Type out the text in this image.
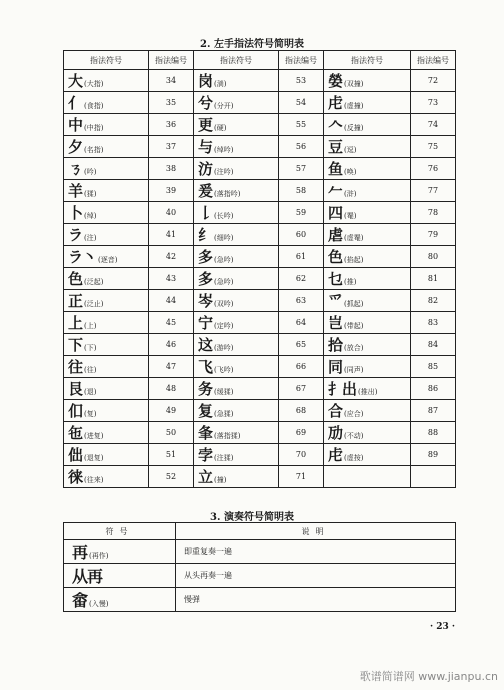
2. 左手指法符号简明表
指法符号	指法编号	指法符号	指法编号	指法符号	指法编号
大 (大指)	34	岗 (淌)	53	嫈 (双撞)	72
亻 (食指)	35	兮 (分开)	54	虍 (虚撞)	73
中 (中指)	36	更 (硬)	55	𠆢 (反撞)	74
夕 (名指)	37	与 (绰吟)	56	豆 (逗)	75
ㄋ (吟)	38	汸 (注吟)	57	鱼 (唤)	76
羊 (猱)	39	爰 (落指吟)	58	𠂉 (浒)	77
卜 (绰)	40	𠄌 (长吟)	59	四 (罨)	78
ラ (注)	41	纟 (细吟)	60	虐 (虚罨)	79
ラ丶 (逐音)	42	多 (急吟)	61	色 (掐起)	80
色 (泛起)	43	多 (急吟)	62	乜 (推)	81
正 (泛止)	44	岑 (双吟)	63	爫 (抓起)	82
上 (上)	45	宁 (定吟)	64	岂 (带起)	83
下 (下)	46	这 (游吟)	65	拾 (放合)	84
往 (往)	47	飞 (飞吟)	66	同 (同声)	85
艮 (退)	48	务 (缓猱)	67	扌出 (推出)	86
㐰 (复)	49	复 (急猱)	68	合 (应合)	87
㐌 (进复)	50	夆 (落指猱)	69	劢 (不动)	88
㑁 (退复)	51	孛 (注猱)	70	虍 (虚按)	89
徕 (往来)	52	立 (撞)	71		
3. 演奏符号简明表
符号	说明
再 (再作)	即重复奏一遍
从再	从头再奏一遍
畲 (入慢)	慢弹
· 23 ·
歌谱简谱网 www.jianpu.cn
